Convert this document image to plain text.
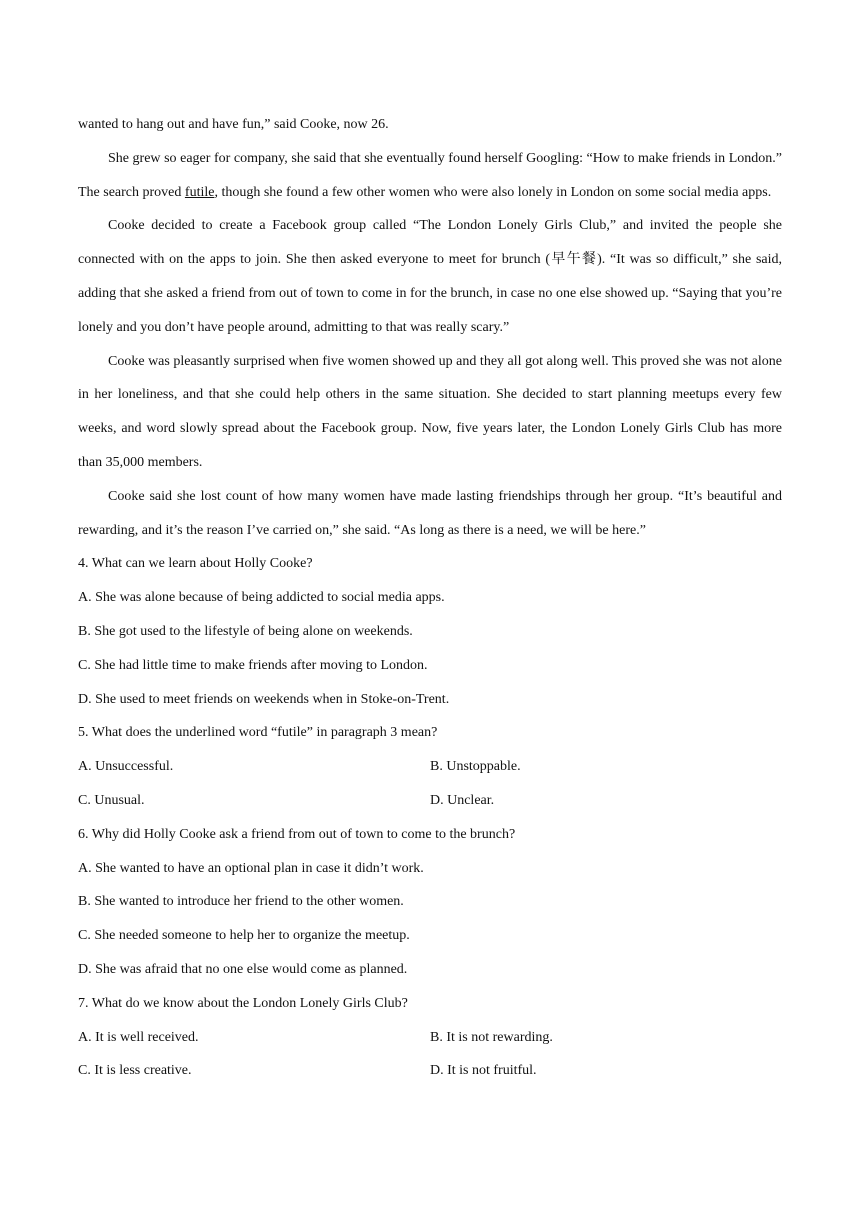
wanted to hang out and have fun,” said Cooke, now 26.

She grew so eager for company, she said that she eventually found herself Googling: “How to make friends in London.” The search proved futile, though she found a few other women who were also lonely in London on some social media apps.

Cooke decided to create a Facebook group called “The London Lonely Girls Club,” and invited the people she connected with on the apps to join. She then asked everyone to meet for brunch (早午餐). “It was so difficult,” she said, adding that she asked a friend from out of town to come in for the brunch, in case no one else showed up. “Saying that you’re lonely and you don’t have people around, admitting to that was really scary.”

Cooke was pleasantly surprised when five women showed up and they all got along well. This proved she was not alone in her loneliness, and that she could help others in the same situation. She decided to start planning meetups every few weeks, and word slowly spread about the Facebook group. Now, five years later, the London Lonely Girls Club has more than 35,000 members.

Cooke said she lost count of how many women have made lasting friendships through her group. “It’s beautiful and rewarding, and it’s the reason I’ve carried on,” she said. “As long as there is a need, we will be here.”

4. What can we learn about Holly Cooke?

A. She was alone because of being addicted to social media apps.

B. She got used to the lifestyle of being alone on weekends.

C. She had little time to make friends after moving to London.

D. She used to meet friends on weekends when in Stoke-on-Trent.

5. What does the underlined word “futile” in paragraph 3 mean?

A. Unsuccessful.	B. Unstoppable.
C. Unusual.	D. Unclear.

6. Why did Holly Cooke ask a friend from out of town to come to the brunch?

A. She wanted to have an optional plan in case it didn’t work.

B. She wanted to introduce her friend to the other women.

C. She needed someone to help her to organize the meetup.

D. She was afraid that no one else would come as planned.

7. What do we know about the London Lonely Girls Club?

A. It is well received.	B. It is not rewarding.
C. It is less creative.	D. It is not fruitful.
